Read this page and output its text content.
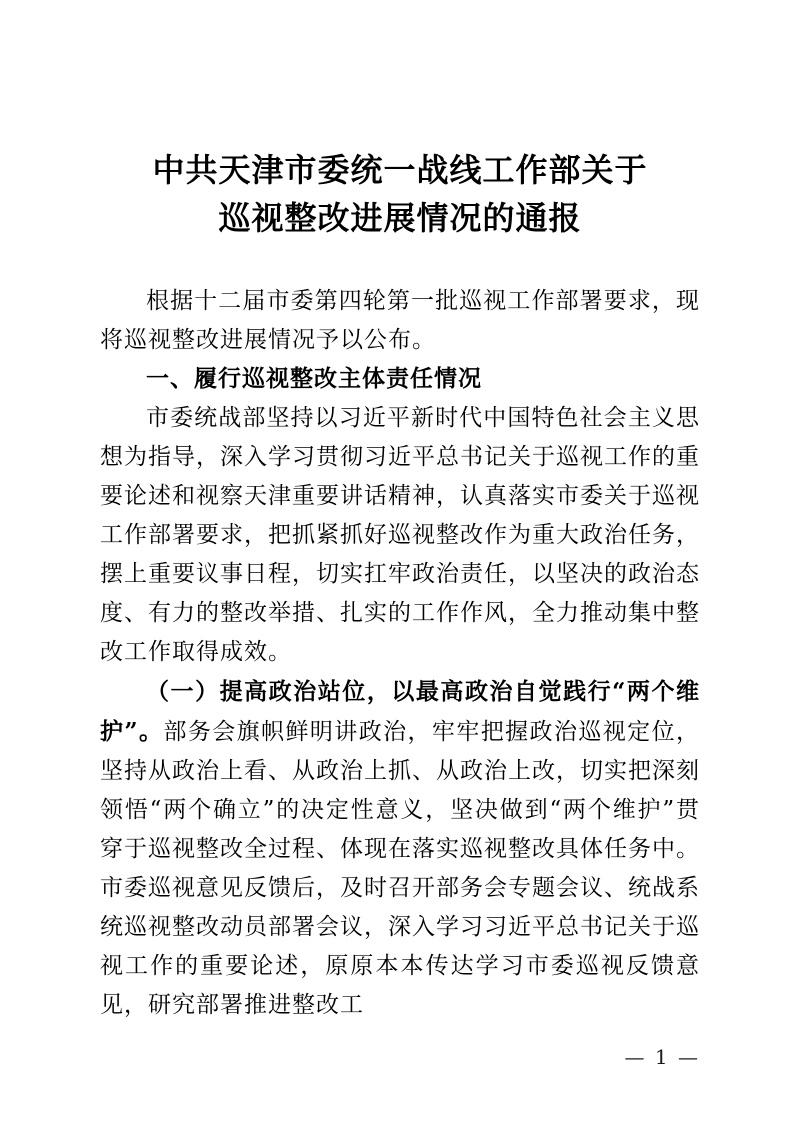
中共天津市委统一战线工作部关于
巡视整改进展情况的通报

根据十二届市委第四轮第一批巡视工作部署要求，现将巡视整改进展情况予以公布。

一、履行巡视整改主体责任情况

市委统战部坚持以习近平新时代中国特色社会主义思想为指导，深入学习贯彻习近平总书记关于巡视工作的重要论述和视察天津重要讲话精神，认真落实市委关于巡视工作部署要求，把抓紧抓好巡视整改作为重大政治任务，摆上重要议事日程，切实扛牢政治责任，以坚决的政治态度、有力的整改举措、扎实的工作作风，全力推动集中整改工作取得成效。

（一）提高政治站位，以最高政治自觉践行“两个维护”。部务会旗帜鲜明讲政治，牢牢把握政治巡视定位，坚持从政治上看、从政治上抓、从政治上改，切实把深刻领悟“两个确立”的决定性意义，坚决做到“两个维护”贯穿于巡视整改全过程、体现在落实巡视整改具体任务中。市委巡视意见反馈后，及时召开部务会专题会议、统战系统巡视整改动员部署会议，深入学习习近平总书记关于巡视工作的重要论述，原原本本传达学习市委巡视反馈意见，研究部署推进整改工

— 1 —
